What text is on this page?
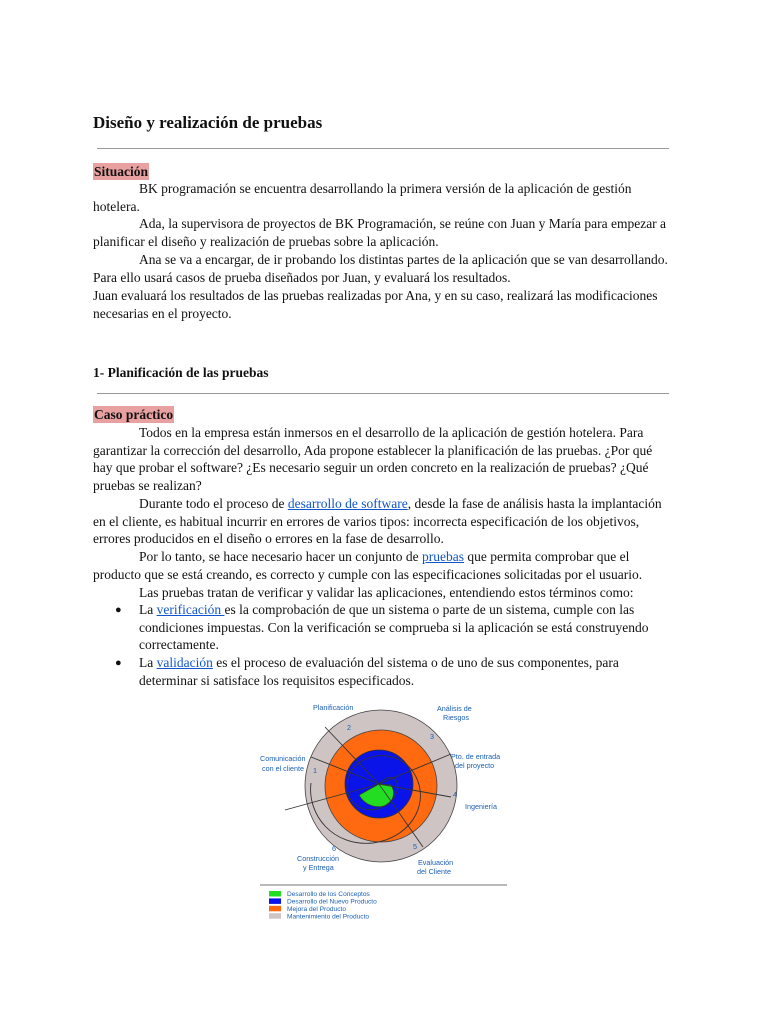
Diseño y realización de pruebas
Situación
BK programación se encuentra desarrollando la primera versión de la aplicación de gestión hotelera.
Ada, la supervisora de proyectos de BK Programación, se reúne con Juan y María para empezar a planificar el diseño y realización de pruebas sobre la aplicación.
Ana se va a encargar, de ir probando los distintas partes de la aplicación que se van desarrollando. Para ello usará casos de prueba diseñados por Juan, y evaluará los resultados.
Juan evaluará los resultados de las pruebas realizadas por Ana, y en su caso, realizará las modificaciones necesarias en el proyecto.
1- Planificación de las pruebas
Caso práctico
Todos en la empresa están inmersos en el desarrollo de la aplicación de gestión hotelera. Para garantizar la corrección del desarrollo, Ada propone establecer la planificación de las pruebas. ¿Por qué hay que probar el software? ¿Es necesario seguir un orden concreto en la realización de pruebas? ¿Qué pruebas se realizan?
Durante todo el proceso de desarrollo de software, desde la fase de análisis hasta la implantación en el cliente, es habitual incurrir en errores de varios tipos: incorrecta especificación de los objetivos, errores producidos en el diseño o errores en la fase de desarrollo.
Por lo tanto, se hace necesario hacer un conjunto de pruebas que permita comprobar que el producto que se está creando, es correcto y cumple con las especificaciones solicitadas por el usuario.
Las pruebas tratan de verificar y validar las aplicaciones, entendiendo estos términos como:
● La verificación es la comprobación de que un sistema o parte de un sistema, cumple con las condiciones impuestas. Con la verificación se comprueba si la aplicación se está construyendo correctamente.
● La validación es el proceso de evaluación del sistema o de uno de sus componentes, para determinar si satisface los requisitos especificados.
Planificación	Análisis de
Riesgos
Comunicación
con el cliente
Pto. de entrada
del proyecto
Ingeniería
Construcción
y Entrega
Evaluación
del Cliente
1
2
3
4
5
6
Desarrollo de los Conceptos
Desarrollo del Nuevo Producto
Mejora del Producto
Mantenimiento del Producto
